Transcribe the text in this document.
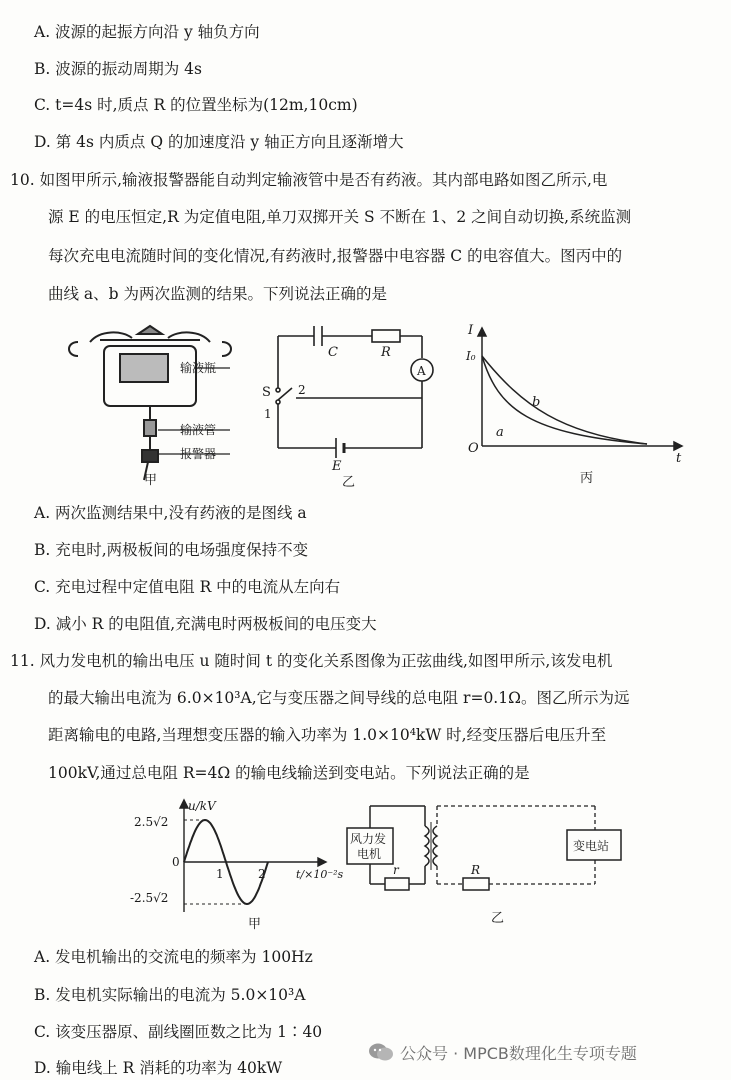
A. 波源的起振方向沿 y 轴负方向
B. 波源的振动周期为 4s
C. t=4s 时,质点 R 的位置坐标为(12m,10cm)
D. 第 4s 内质点 Q 的加速度沿 y 轴正方向且逐渐增大
10. 如图甲所示,输液报警器能自动判定输液管中是否有药液。其内部电路如图乙所示,电
源 E 的电压恒定,R 为定值电阻,单刀双掷开关 S 不断在 1、2 之间自动切换,系统监测
每次充电电流随时间的变化情况,有药液时,报警器中电容器 C 的电容值大。图丙中的
曲线 a、b 为两次监测的结果。下列说法正确的是
输液瓶
输液管
报警器
甲
C	R
A
S 2
1
E
乙
I
I₀
O
t
b
a
丙
A. 两次监测结果中,没有药液的是图线 a
B. 充电时,两极板间的电场强度保持不变
C. 充电过程中定值电阻 R 中的电流从左向右
D. 减小 R 的电阻值,充满电时两极板间的电压变大
11. 风力发电机的输出电压 u 随时间 t 的变化关系图像为正弦曲线,如图甲所示,该发电机
的最大输出电流为 6.0×10³A,它与变压器之间导线的总电阻 r=0.1Ω。图乙所示为远
距离输电的电路,当理想变压器的输入功率为 1.0×10⁴kW 时,经变压器后电压升至
100kV,通过总电阻 R=4Ω 的输电线输送到变电站。下列说法正确的是
u/kV
2.5√2
0
-2.5√2
1	2	t/×10⁻²s
甲
风力发
电机
变电站
r	R
乙
A. 发电机输出的交流电的频率为 100Hz
B. 发电机实际输出的电流为 5.0×10³A
C. 该变压器原、副线圈匝数之比为 1∶40
D. 输电线上 R 消耗的功率为 40kW
公众号 · MPCB数理化生专项专题
